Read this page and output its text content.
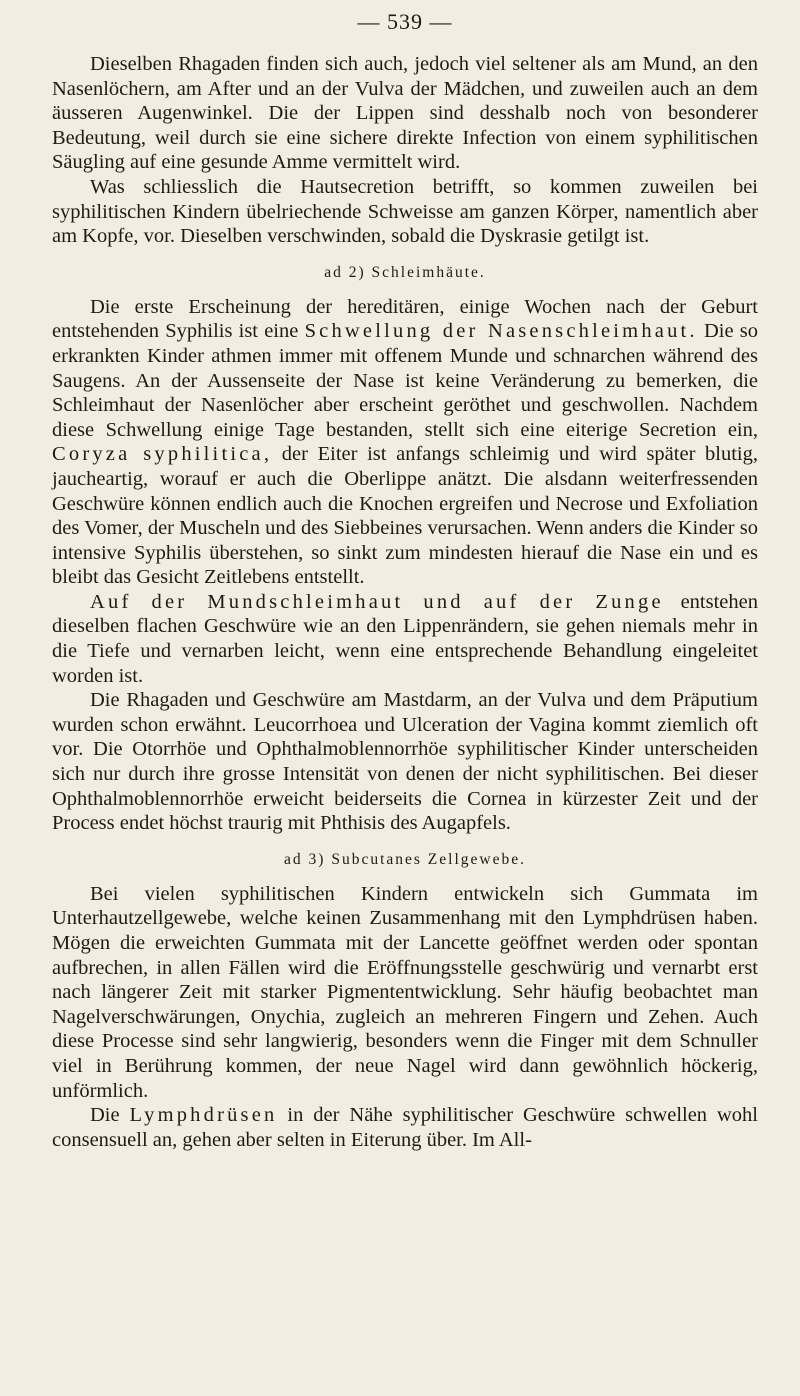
— 539 —

Dieselben Rhagaden finden sich auch, jedoch viel seltener als am Mund, an den Nasenlöchern, am After und an der Vulva der Mädchen, und zuweilen auch an dem äusseren Augenwinkel. Die der Lippen sind desshalb noch von besonderer Bedeutung, weil durch sie eine sichere direkte Infection von einem syphilitischen Säugling auf eine gesunde Amme vermittelt wird.

Was schliesslich die Hautsecretion betrifft, so kommen zuweilen bei syphilitischen Kindern übelriechende Schweisse am ganzen Körper, namentlich aber am Kopfe, vor. Dieselben verschwinden, sobald die Dyskrasie getilgt ist.

ad 2) Schleimhäute.

Die erste Erscheinung der hereditären, einige Wochen nach der Geburt entstehenden Syphilis ist eine Schwellung der Nasenschleimhaut. Die so erkrankten Kinder athmen immer mit offenem Munde und schnarchen während des Saugens. An der Aussenseite der Nase ist keine Veränderung zu bemerken, die Schleimhaut der Nasenlöcher aber erscheint geröthet und geschwollen. Nachdem diese Schwellung einige Tage bestanden, stellt sich eine eiterige Secretion ein, Coryza syphilitica, der Eiter ist anfangs schleimig und wird später blutig, jaucheartig, worauf er auch die Oberlippe anätzt. Die alsdann weiterfressenden Geschwüre können endlich auch die Knochen ergreifen und Necrose und Exfoliation des Vomer, der Muscheln und des Siebbeines verursachen. Wenn anders die Kinder so intensive Syphilis überstehen, so sinkt zum mindesten hierauf die Nase ein und es bleibt das Gesicht Zeitlebens entstellt.

Auf der Mundschleimhaut und auf der Zunge entstehen dieselben flachen Geschwüre wie an den Lippenrändern, sie gehen niemals mehr in die Tiefe und vernarben leicht, wenn eine entsprechende Behandlung eingeleitet worden ist.

Die Rhagaden und Geschwüre am Mastdarm, an der Vulva und dem Präputium wurden schon erwähnt. Leucorrhoea und Ulceration der Vagina kommt ziemlich oft vor. Die Otorrhöe und Ophthalmoblennorrhöe syphilitischer Kinder unterscheiden sich nur durch ihre grosse Intensität von denen der nicht syphilitischen. Bei dieser Ophthalmoblennorrhöe erweicht beiderseits die Cornea in kürzester Zeit und der Process endet höchst traurig mit Phthisis des Augapfels.

ad 3) Subcutanes Zellgewebe.

Bei vielen syphilitischen Kindern entwickeln sich Gummata im Unterhautzellgewebe, welche keinen Zusammenhang mit den Lymphdrüsen haben. Mögen die erweichten Gummata mit der Lancette geöffnet werden oder spontan aufbrechen, in allen Fällen wird die Eröffnungsstelle geschwürig und vernarbt erst nach längerer Zeit mit starker Pigmententwicklung. Sehr häufig beobachtet man Nagelverschwärungen, Onychia, zugleich an mehreren Fingern und Zehen. Auch diese Processe sind sehr langwierig, besonders wenn die Finger mit dem Schnuller viel in Berührung kommen, der neue Nagel wird dann gewöhnlich höckerig, unförmlich.

Die Lymphdrüsen in der Nähe syphilitischer Geschwüre schwellen wohl consensuell an, gehen aber selten in Eiterung über. Im All-
